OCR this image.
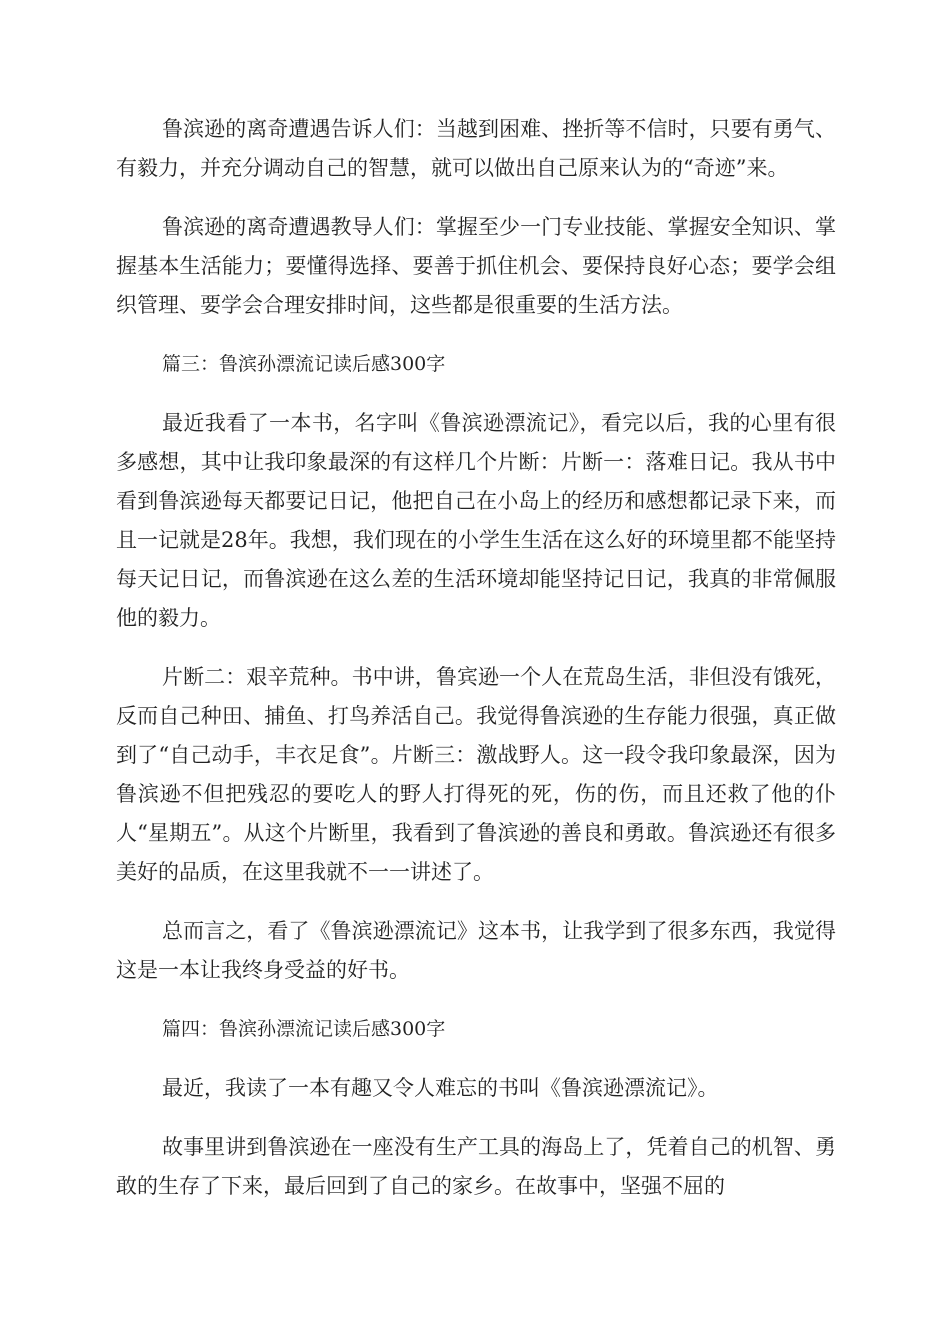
鲁滨逊的离奇遭遇告诉人们：当越到困难、挫折等不信时，只要有勇气、有毅力，并充分调动自己的智慧，就可以做出自己原来认为的“奇迹”来。

鲁滨逊的离奇遭遇教导人们：掌握至少一门专业技能、掌握安全知识、掌握基本生活能力；要懂得选择、要善于抓住机会、要保持良好心态；要学会组织管理、要学会合理安排时间，这些都是很重要的生活方法。

篇三：鲁滨孙漂流记读后感300字

最近我看了一本书，名字叫《鲁滨逊漂流记》，看完以后，我的心里有很多感想，其中让我印象最深的有这样几个片断：片断一：落难日记。我从书中看到鲁滨逊每天都要记日记，他把自己在小岛上的经历和感想都记录下来，而且一记就是28年。我想，我们现在的小学生生活在这么好的环境里都不能坚持每天记日记，而鲁滨逊在这么差的生活环境却能坚持记日记，我真的非常佩服他的毅力。

片断二：艰辛荒种。书中讲，鲁宾逊一个人在荒岛生活，非但没有饿死，反而自己种田、捕鱼、打鸟养活自己。我觉得鲁滨逊的生存能力很强，真正做到了“自己动手，丰衣足食”。片断三：激战野人。这一段令我印象最深，因为鲁滨逊不但把残忍的要吃人的野人打得死的死，伤的伤，而且还救了他的仆人“星期五”。从这个片断里，我看到了鲁滨逊的善良和勇敢。鲁滨逊还有很多美好的品质，在这里我就不一一讲述了。

总而言之，看了《鲁滨逊漂流记》这本书，让我学到了很多东西，我觉得这是一本让我终身受益的好书。

篇四：鲁滨孙漂流记读后感300字

最近，我读了一本有趣又令人难忘的书叫《鲁滨逊漂流记》。

故事里讲到鲁滨逊在一座没有生产工具的海岛上了，凭着自己的机智、勇敢的生存了下来，最后回到了自己的家乡。在故事中，坚强不屈的
